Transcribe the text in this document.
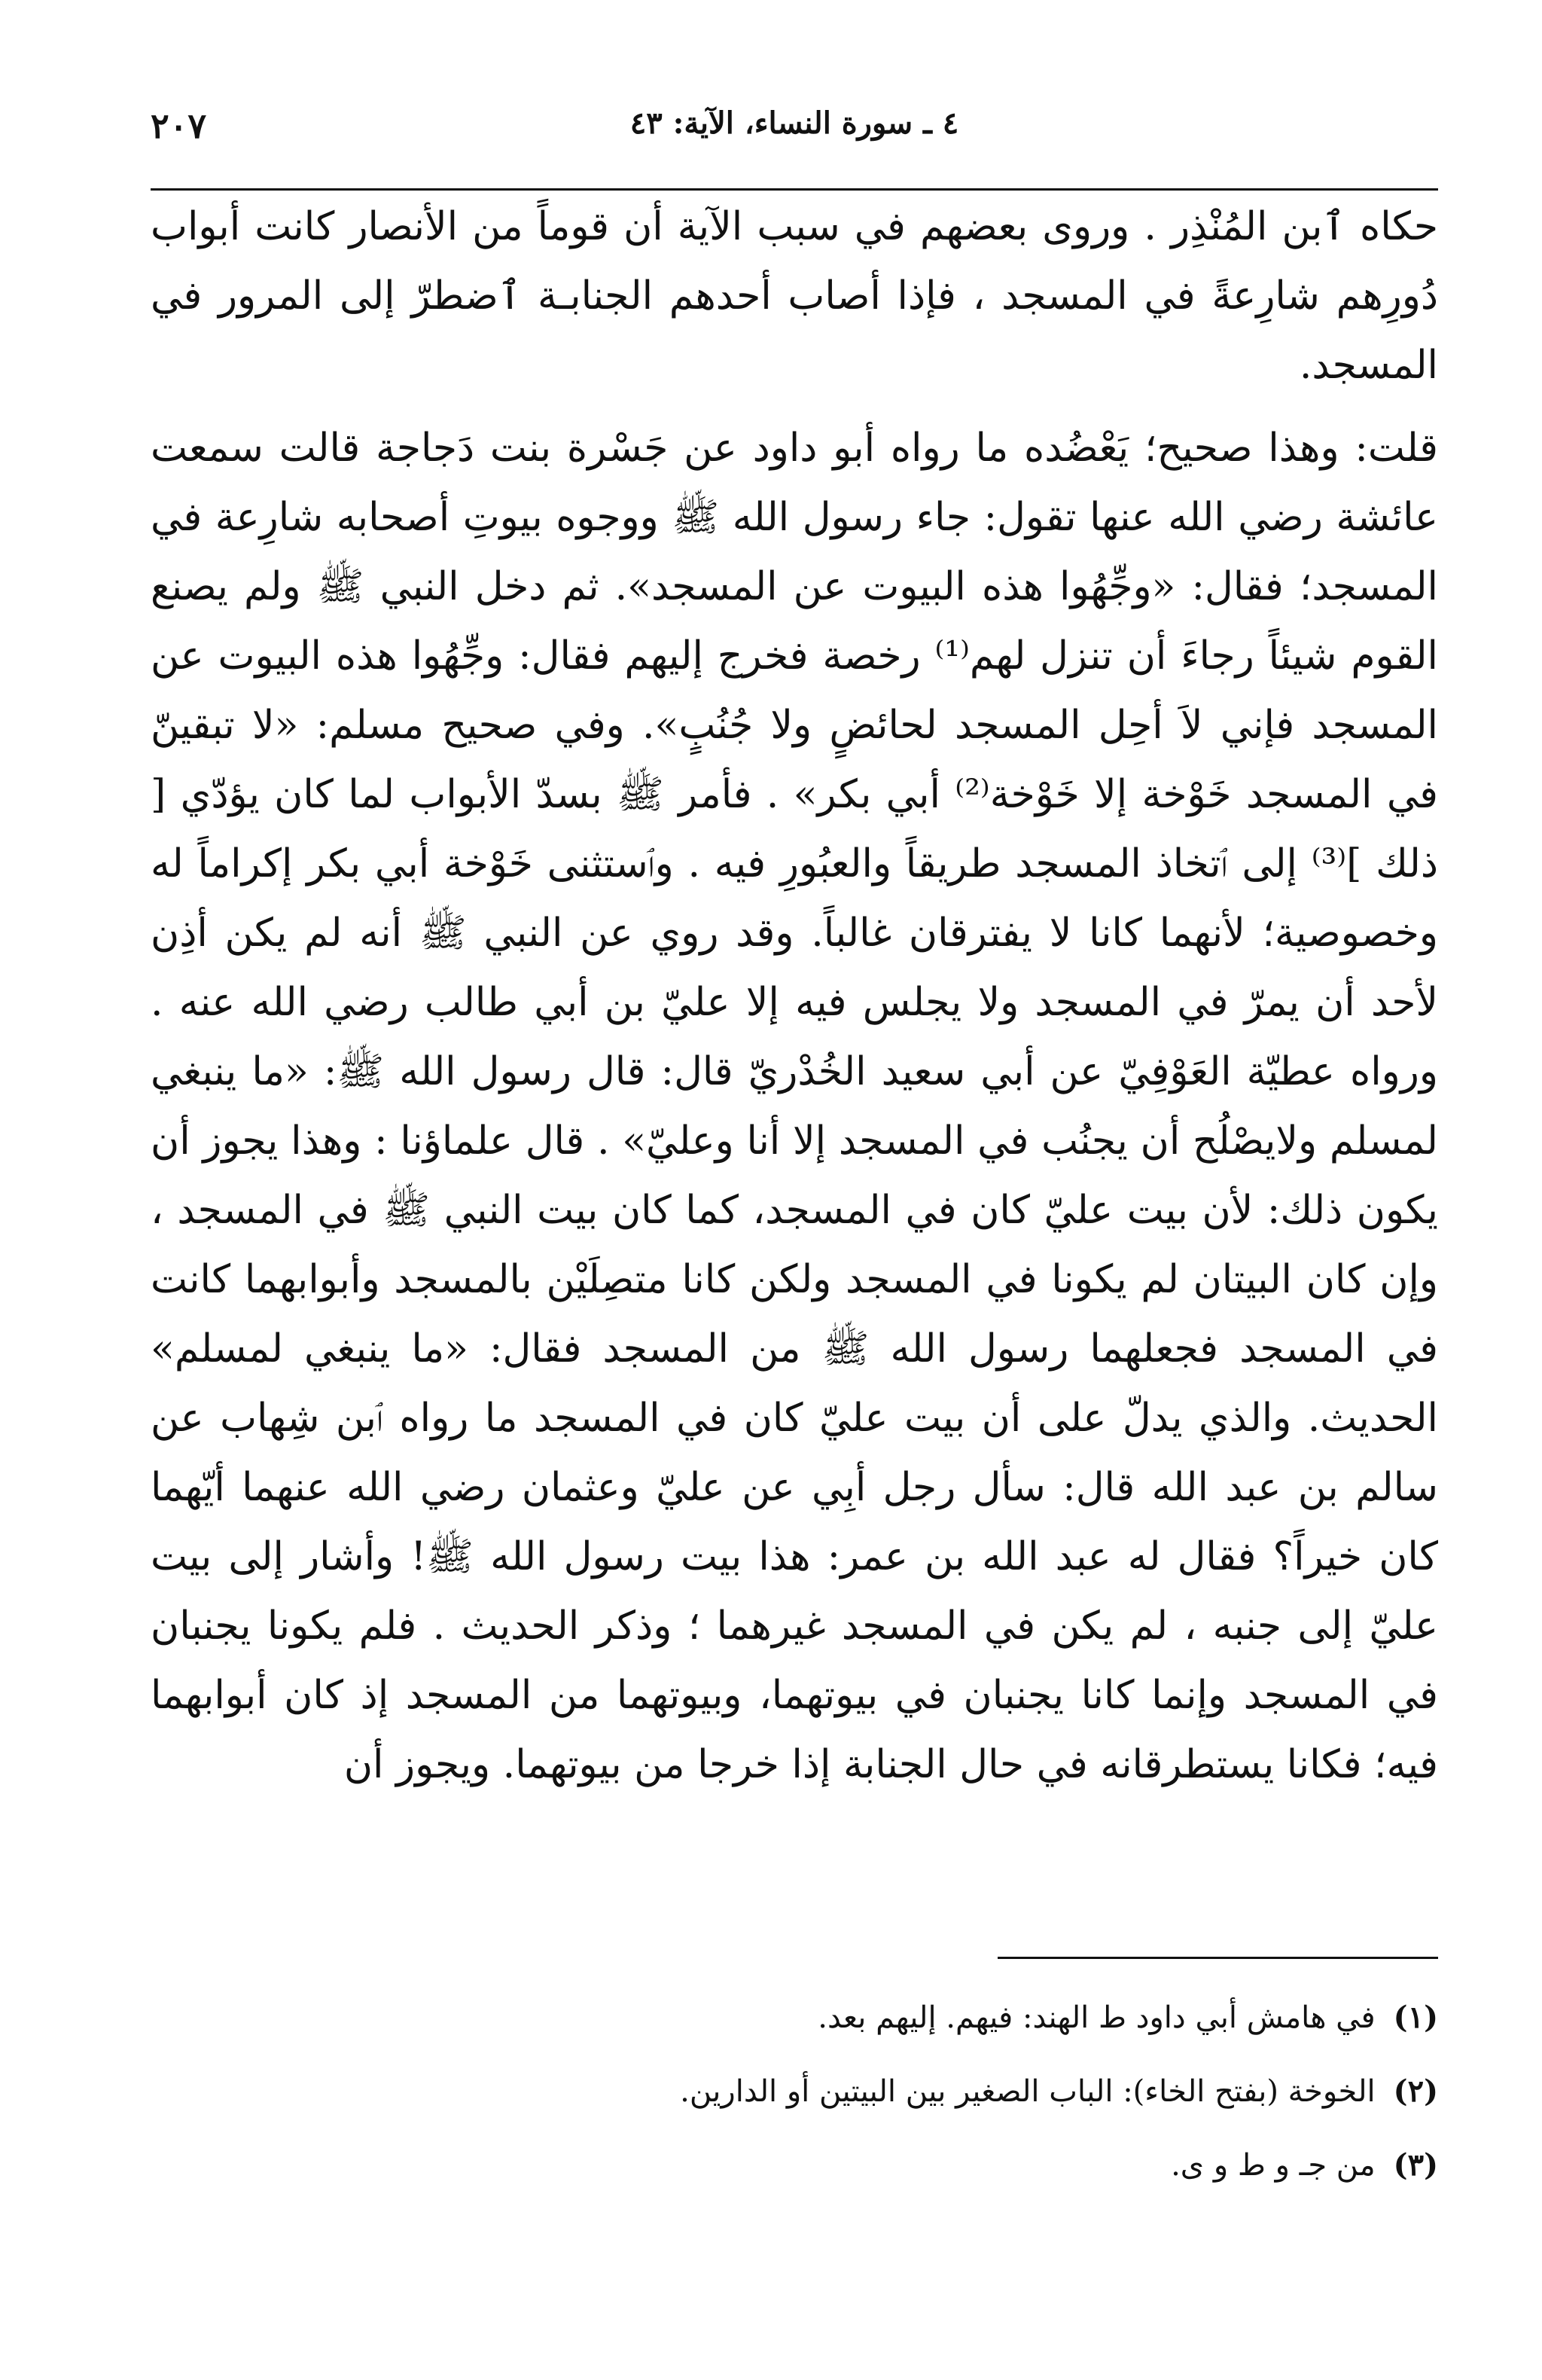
٤ ـ سورة النساء، الآية: ٤٣
٢٠٧

حكاه ٱبن المُنْذِر . وروى بعضهم في سبب الآية أن قوماً من الأنصار كانت أبواب دُورِهم شارِعةً في المسجد ، فإذا أصاب أحدهم الجنابـة ٱضطرّ إلى المرور في المسجد.

قلت: وهذا صحيح؛ يَعْضُده ما رواه أبو داود عن جَسْرة بنت دَجاجة قالت سمعت عائشة رضي الله عنها تقول: جاء رسول الله ﷺ ووجوه بيوتِ أصحابه شارِعة في المسجد؛ فقال: «وجِّهُوا هذه البيوت عن المسجد». ثم دخل النبي ﷺ ولم يصنع القوم شيئاً رجاءَ أن تنزل لهم⁽¹⁾ رخصة فخرج إليهم فقال: وجِّهُوا هذه البيوت عن المسجد فإني لاَ أحِل المسجد لحائضٍ ولا جُنُبٍ». وفي صحيح مسلم: «لا تبقينّ في المسجد خَوْخة إلا خَوْخة⁽²⁾ أبي بكر» . فأمر ﷺ بسدّ الأبواب لما كان يؤدّي [ ذلك ]⁽³⁾ إلى ٱتخاذ المسجد طريقاً والعبُورِ فيه . وٱستثنى خَوْخة أبي بكر إكراماً له وخصوصية؛ لأنهما كانا لا يفترقان غالباً. وقد روي عن النبي ﷺ أنه لم يكن أذِن لأحد أن يمرّ في المسجد ولا يجلس فيه إلا عليّ بن أبي طالب رضي الله عنه . ورواه عطيّة العَوْفِيّ عن أبي سعيد الخُدْريّ قال: قال رسول الله ﷺ: «ما ينبغي لمسلم ولايصْلُح أن يجنُب في المسجد إلا أنا وعليّ» . قال علماؤنا : وهذا يجوز أن يكون ذلك: لأن بيت عليّ كان في المسجد، كما كان بيت النبي ﷺ في المسجد ، وإن كان البيتان لم يكونا في المسجد ولكن كانا متصِلَيْن بالمسجد وأبوابهما كانت في المسجد فجعلهما رسول الله ﷺ من المسجد فقال: «ما ينبغي لمسلم» الحديث. والذي يدلّ على أن بيت عليّ كان في المسجد ما رواه ٱبن شِهاب عن سالم بن عبد الله قال: سأل رجل أبِي عن عليّ وعثمان رضي الله عنهما أيّهما كان خيراً؟ فقال له عبد الله بن عمر: هذا بيت رسول الله ﷺ! وأشار إلى بيت عليّ إلى جنبه ، لم يكن في المسجد غيرهما ؛ وذكر الحديث . فلم يكونا يجنبان في المسجد وإنما كانا يجنبان في بيوتهما، وبيوتهما من المسجد إذ كان أبوابهما فيه؛ فكانا يستطرقانه في حال الجنابة إذا خرجا من بيوتهما. ويجوز أن

(١)
في هامش أبي داود ط الهند: فيهم. إليهم بعد.
(٢)
الخوخة (بفتح الخاء): الباب الصغير بين البيتين أو الدارين.
(٣)
من جـ و ط و ى.
